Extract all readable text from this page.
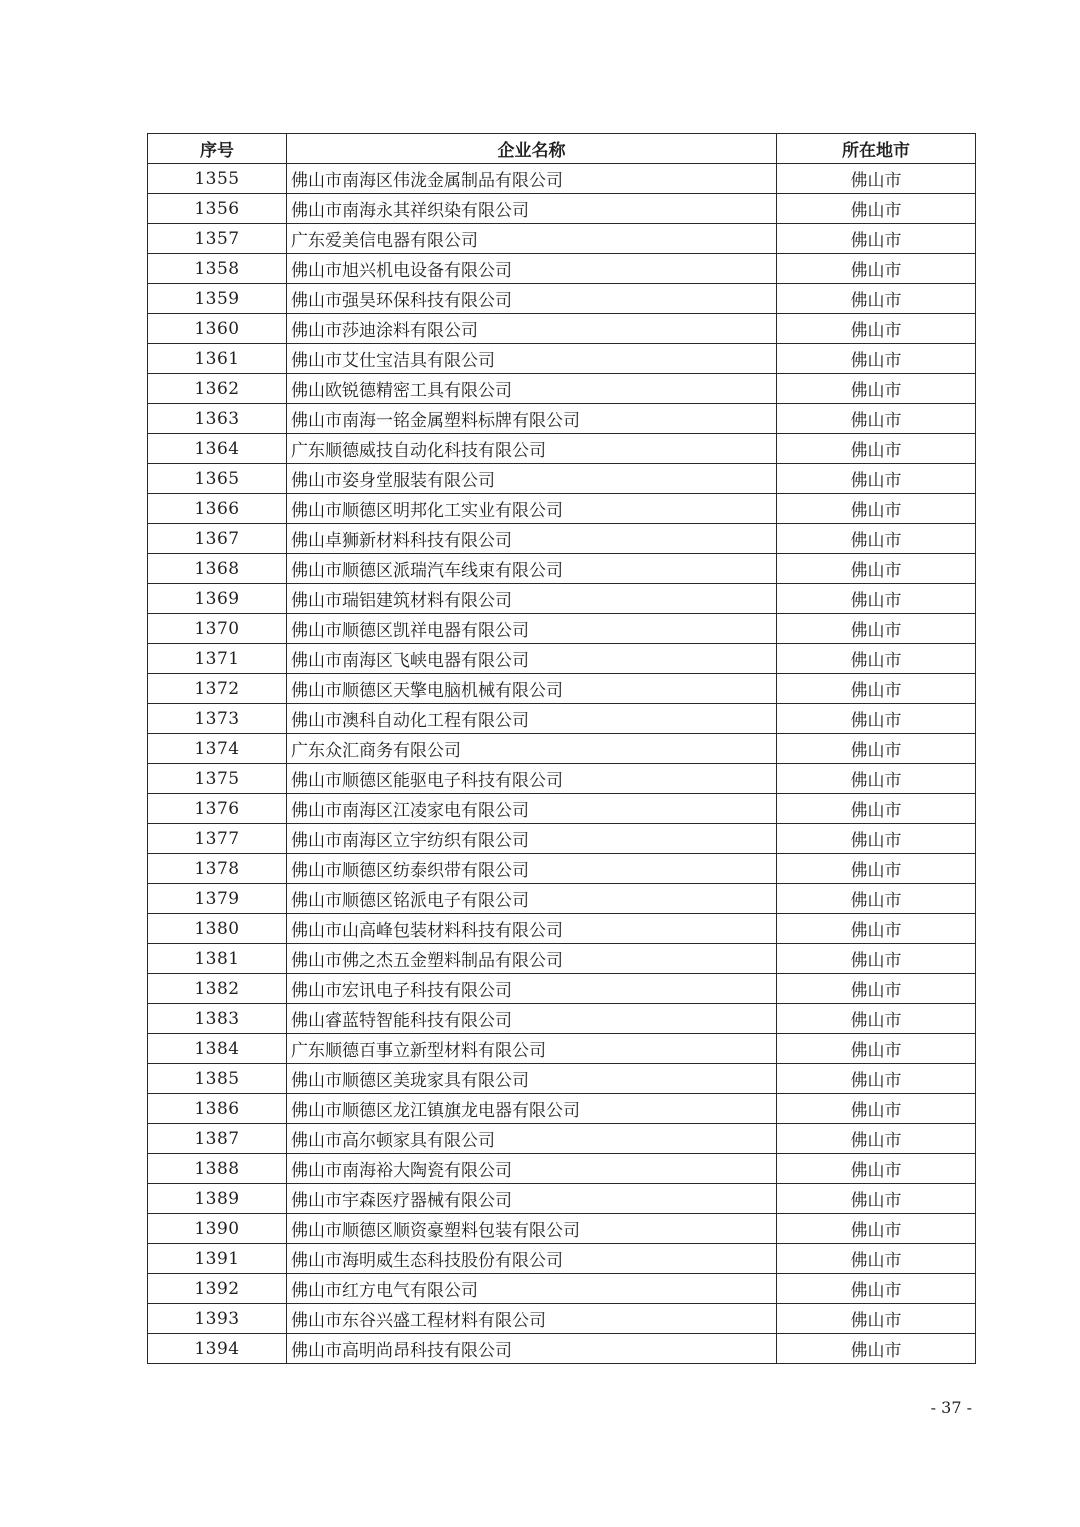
序号	企业名称	所在地市
1355	佛山市南海区伟泷金属制品有限公司	佛山市
1356	佛山市南海永其祥织染有限公司	佛山市
1357	广东爱美信电器有限公司	佛山市
1358	佛山市旭兴机电设备有限公司	佛山市
1359	佛山市强昊环保科技有限公司	佛山市
1360	佛山市莎迪涂料有限公司	佛山市
1361	佛山市艾仕宝洁具有限公司	佛山市
1362	佛山欧锐德精密工具有限公司	佛山市
1363	佛山市南海一铭金属塑料标牌有限公司	佛山市
1364	广东顺德威技自动化科技有限公司	佛山市
1365	佛山市姿身堂服装有限公司	佛山市
1366	佛山市顺德区明邦化工实业有限公司	佛山市
1367	佛山卓狮新材料科技有限公司	佛山市
1368	佛山市顺德区派瑞汽车线束有限公司	佛山市
1369	佛山市瑞铝建筑材料有限公司	佛山市
1370	佛山市顺德区凯祥电器有限公司	佛山市
1371	佛山市南海区飞峡电器有限公司	佛山市
1372	佛山市顺德区天擎电脑机械有限公司	佛山市
1373	佛山市澳科自动化工程有限公司	佛山市
1374	广东众汇商务有限公司	佛山市
1375	佛山市顺德区能驱电子科技有限公司	佛山市
1376	佛山市南海区江凌家电有限公司	佛山市
1377	佛山市南海区立宇纺织有限公司	佛山市
1378	佛山市顺德区纺泰织带有限公司	佛山市
1379	佛山市顺德区铭派电子有限公司	佛山市
1380	佛山市山高峰包装材料科技有限公司	佛山市
1381	佛山市佛之杰五金塑料制品有限公司	佛山市
1382	佛山市宏讯电子科技有限公司	佛山市
1383	佛山睿蓝特智能科技有限公司	佛山市
1384	广东顺德百事立新型材料有限公司	佛山市
1385	佛山市顺德区美珑家具有限公司	佛山市
1386	佛山市顺德区龙江镇旗龙电器有限公司	佛山市
1387	佛山市高尔顿家具有限公司	佛山市
1388	佛山市南海裕大陶瓷有限公司	佛山市
1389	佛山市宇森医疗器械有限公司	佛山市
1390	佛山市顺德区顺资豪塑料包装有限公司	佛山市
1391	佛山市海明威生态科技股份有限公司	佛山市
1392	佛山市红方电气有限公司	佛山市
1393	佛山市东谷兴盛工程材料有限公司	佛山市
1394	佛山市高明尚昂科技有限公司	佛山市
- 37 -
